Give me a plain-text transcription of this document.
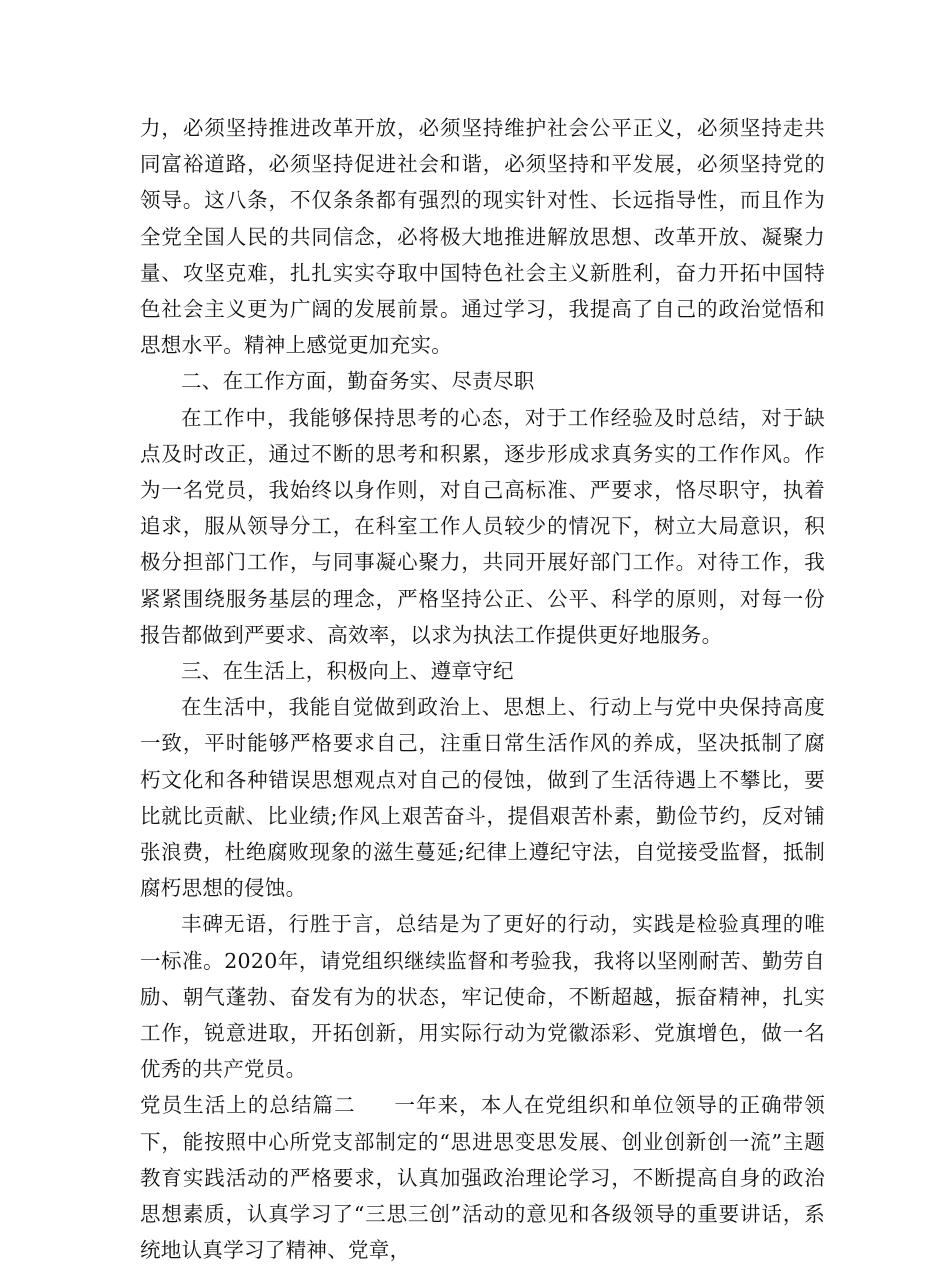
力，必须坚持推进改革开放，必须坚持维护社会公平正义，必须坚持走共同富裕道路，必须坚持促进社会和谐，必须坚持和平发展，必须坚持党的领导。这八条，不仅条条都有强烈的现实针对性、长远指导性，而且作为全党全国人民的共同信念，必将极大地推进解放思想、改革开放、凝聚力量、攻坚克难，扎扎实实夺取中国特色社会主义新胜利，奋力开拓中国特色社会主义更为广阔的发展前景。通过学习，我提高了自己的政治觉悟和思想水平。精神上感觉更加充实。

二、在工作方面，勤奋务实、尽责尽职

在工作中，我能够保持思考的心态，对于工作经验及时总结，对于缺点及时改正，通过不断的思考和积累，逐步形成求真务实的工作作风。作为一名党员，我始终以身作则，对自己高标准、严要求，恪尽职守，执着追求，服从领导分工，在科室工作人员较少的情况下，树立大局意识，积极分担部门工作，与同事凝心聚力，共同开展好部门工作。对待工作，我紧紧围绕服务基层的理念，严格坚持公正、公平、科学的原则，对每一份报告都做到严要求、高效率，以求为执法工作提供更好地服务。

三、在生活上，积极向上、遵章守纪

在生活中，我能自觉做到政治上、思想上、行动上与党中央保持高度一致，平时能够严格要求自己，注重日常生活作风的养成，坚决抵制了腐朽文化和各种错误思想观点对自己的侵蚀，做到了生活待遇上不攀比，要比就比贡献、比业绩;作风上艰苦奋斗，提倡艰苦朴素，勤俭节约，反对铺张浪费，杜绝腐败现象的滋生蔓延;纪律上遵纪守法，自觉接受监督，抵制腐朽思想的侵蚀。

丰碑无语，行胜于言，总结是为了更好的行动，实践是检验真理的唯一标准。2020年，请党组织继续监督和考验我，我将以坚刚耐苦、勤劳自励、朝气蓬勃、奋发有为的状态，牢记使命，不断超越，振奋精神，扎实工作，锐意进取，开拓创新，用实际行动为党徽添彩、党旗增色，做一名优秀的共产党员。

党员生活上的总结篇二 一年来，本人在党组织和单位领导的正确带领下，能按照中心所党支部制定的“思进思变思发展、创业创新创一流”主题教育实践活动的严格要求，认真加强政治理论学习，不断提高自身的政治思想素质，认真学习了“三思三创”活动的意见和各级领导的重要讲话，系统地认真学习了精神、党章，
